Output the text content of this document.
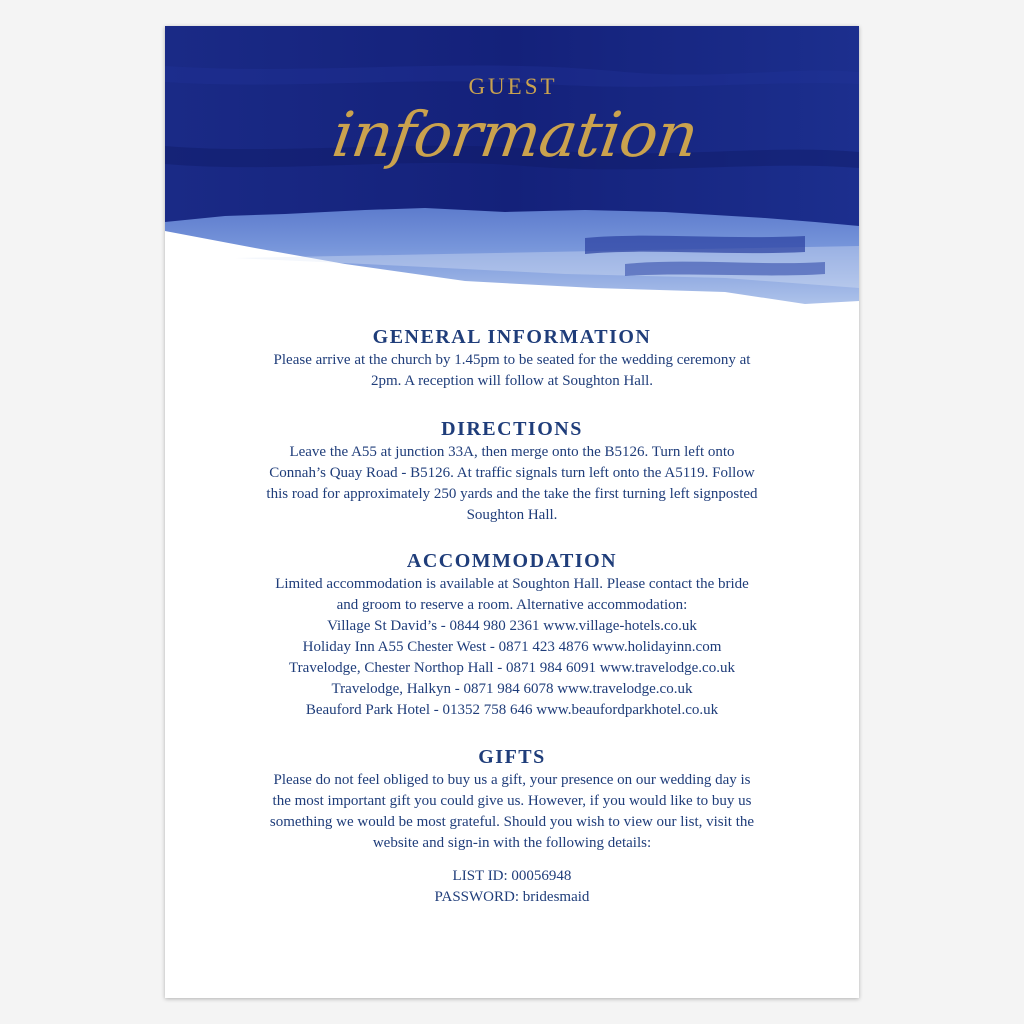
GUEST
information
GENERAL INFORMATION
Please arrive at the church by 1.45pm to be seated for the wedding ceremony at
2pm. A reception will follow at Soughton Hall.
DIRECTIONS
Leave the A55 at junction 33A, then merge onto the B5126. Turn left onto
Connah’s Quay Road - B5126. At traffic signals turn left onto the A5119. Follow
this road for approximately 250 yards and the take the first turning left signposted
Soughton Hall.
ACCOMMODATION
Limited accommodation is available at Soughton Hall. Please contact the bride
and groom to reserve a room. Alternative accommodation:
Village St David’s - 0844 980 2361 www.village-hotels.co.uk
Holiday Inn A55 Chester West - 0871 423 4876 www.holidayinn.com
Travelodge, Chester Northop Hall - 0871 984 6091 www.travelodge.co.uk
Travelodge, Halkyn - 0871 984 6078 www.travelodge.co.uk
Beauford Park Hotel - 01352 758 646 www.beaufordparkhotel.co.uk
GIFTS
Please do not feel obliged to buy us a gift, your presence on our wedding day is
the most important gift you could give us. However, if you would like to buy us
something we would be most grateful. Should you wish to view our list, visit the
website and sign-in with the following details:
LIST ID: 00056948
PASSWORD: bridesmaid
